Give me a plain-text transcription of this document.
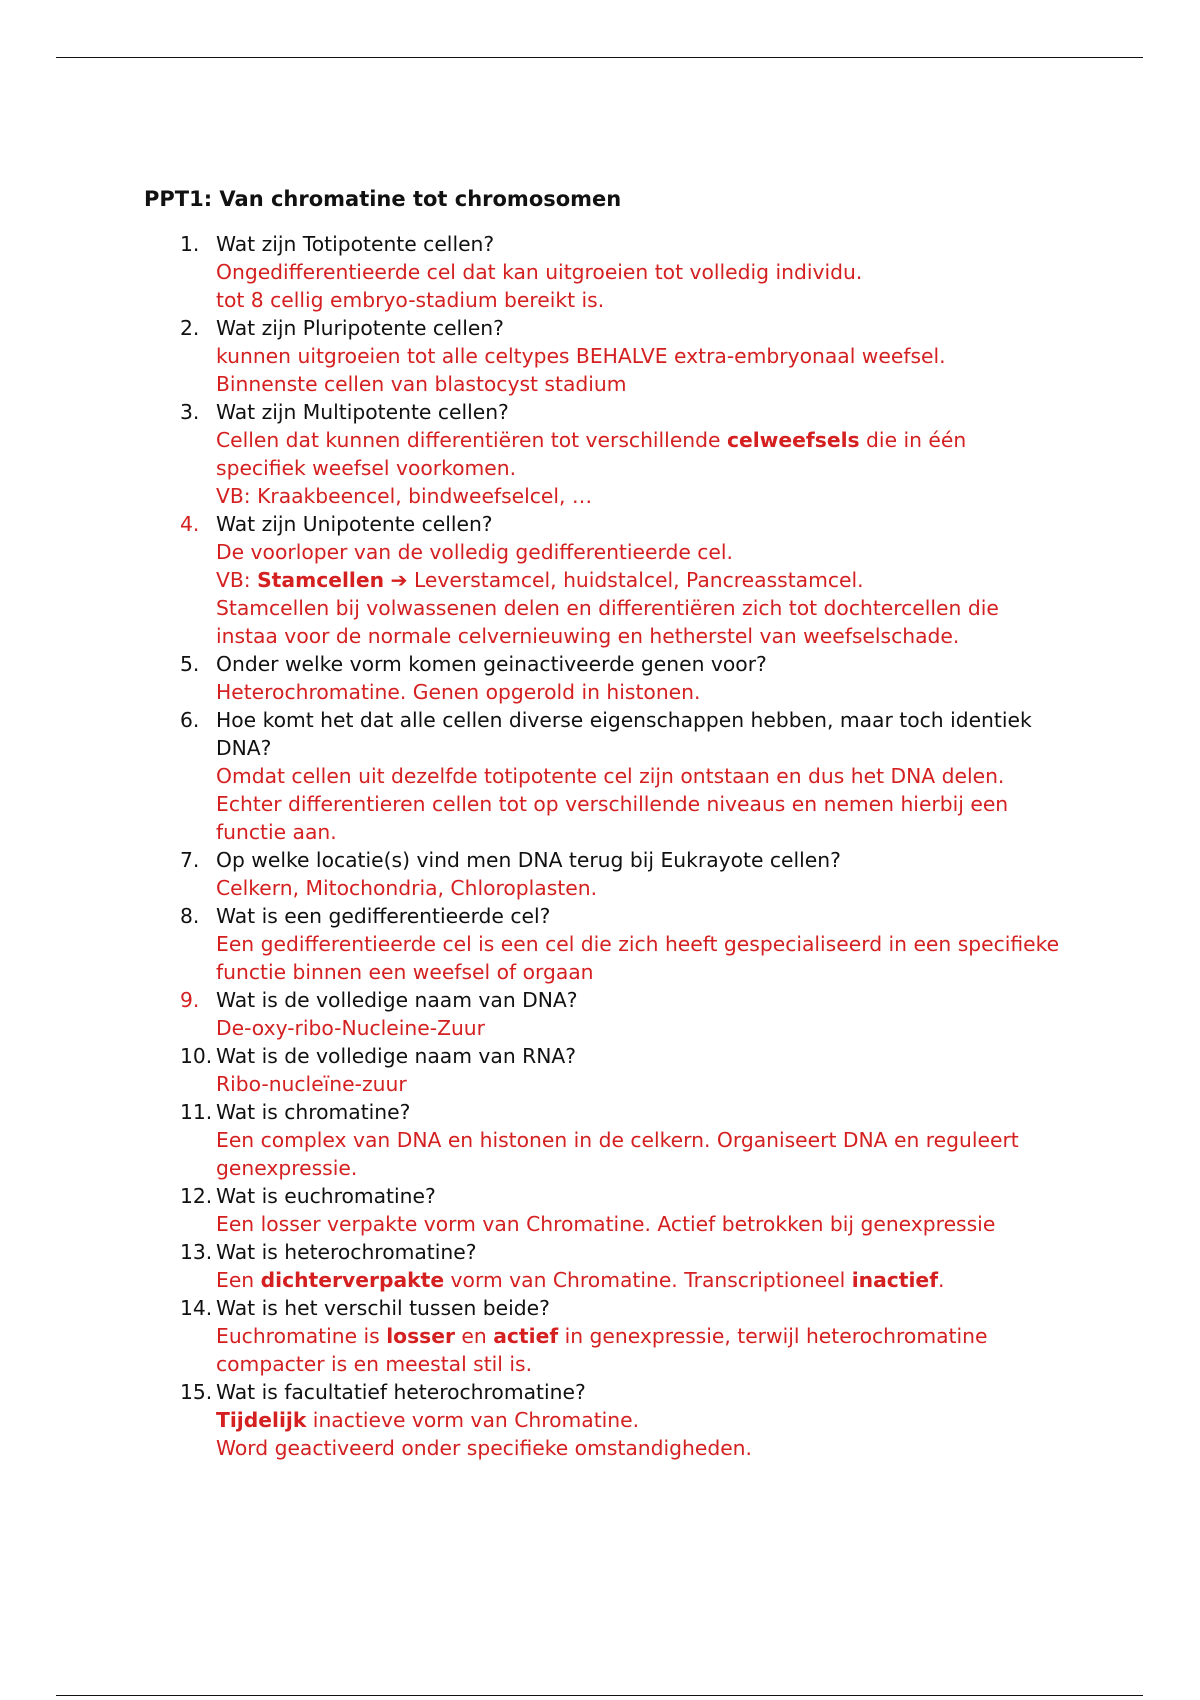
PPT1: Van chromatine tot chromosomen
1. Wat zijn Totipotente cellen?
Ongedifferentieerde cel dat kan uitgroeien tot volledig individu.
tot 8 cellig embryo-stadium bereikt is.
2. Wat zijn Pluripotente cellen?
kunnen uitgroeien tot alle celtypes BEHALVE extra-embryonaal weefsel.
Binnenste cellen van blastocyst stadium
3. Wat zijn Multipotente cellen?
Cellen dat kunnen differentiëren tot verschillende celweefsels die in één specifiek weefsel voorkomen.
VB: Kraakbeencel, bindweefselcel, …
4. Wat zijn Unipotente cellen?
De voorloper van de volledig gedifferentieerde cel.
VB: Stamcellen ➔ Leverstamcel, huidstalcel, Pancreasstamcel.
Stamcellen bij volwassenen delen en differentiëren zich tot dochtercellen die instaa voor de normale celvernieuwing en hetherstel van weefselschade.
5. Onder welke vorm komen geinactiveerde genen voor?
Heterochromatine. Genen opgerold in histonen.
6. Hoe komt het dat alle cellen diverse eigenschappen hebben, maar toch identiek DNA?
Omdat cellen uit dezelfde totipotente cel zijn ontstaan en dus het DNA delen.
Echter differentieren cellen tot op verschillende niveaus en nemen hierbij een functie aan.
7. Op welke locatie(s) vind men DNA terug bij Eukrayote cellen?
Celkern, Mitochondria, Chloroplasten.
8. Wat is een gedifferentieerde cel?
Een gedifferentieerde cel is een cel die zich heeft gespecialiseerd in een specifieke functie binnen een weefsel of orgaan
9. Wat is de volledige naam van DNA?
De-oxy-ribo-Nucleine-Zuur
10. Wat is de volledige naam van RNA?
Ribo-nucleïne-zuur
11. Wat is chromatine?
Een complex van DNA en histonen in de celkern. Organiseert DNA en reguleert genexpressie.
12. Wat is euchromatine?
Een losser verpakte vorm van Chromatine. Actief betrokken bij genexpressie
13. Wat is heterochromatine?
Een dichterverpakte vorm van Chromatine. Transcriptioneel inactief.
14. Wat is het verschil tussen beide?
Euchromatine is losser en actief in genexpressie, terwijl heterochromatine compacter is en meestal stil is.
15. Wat is facultatief heterochromatine?
Tijdelijk inactieve vorm van Chromatine.
Word geactiveerd onder specifieke omstandigheden.
